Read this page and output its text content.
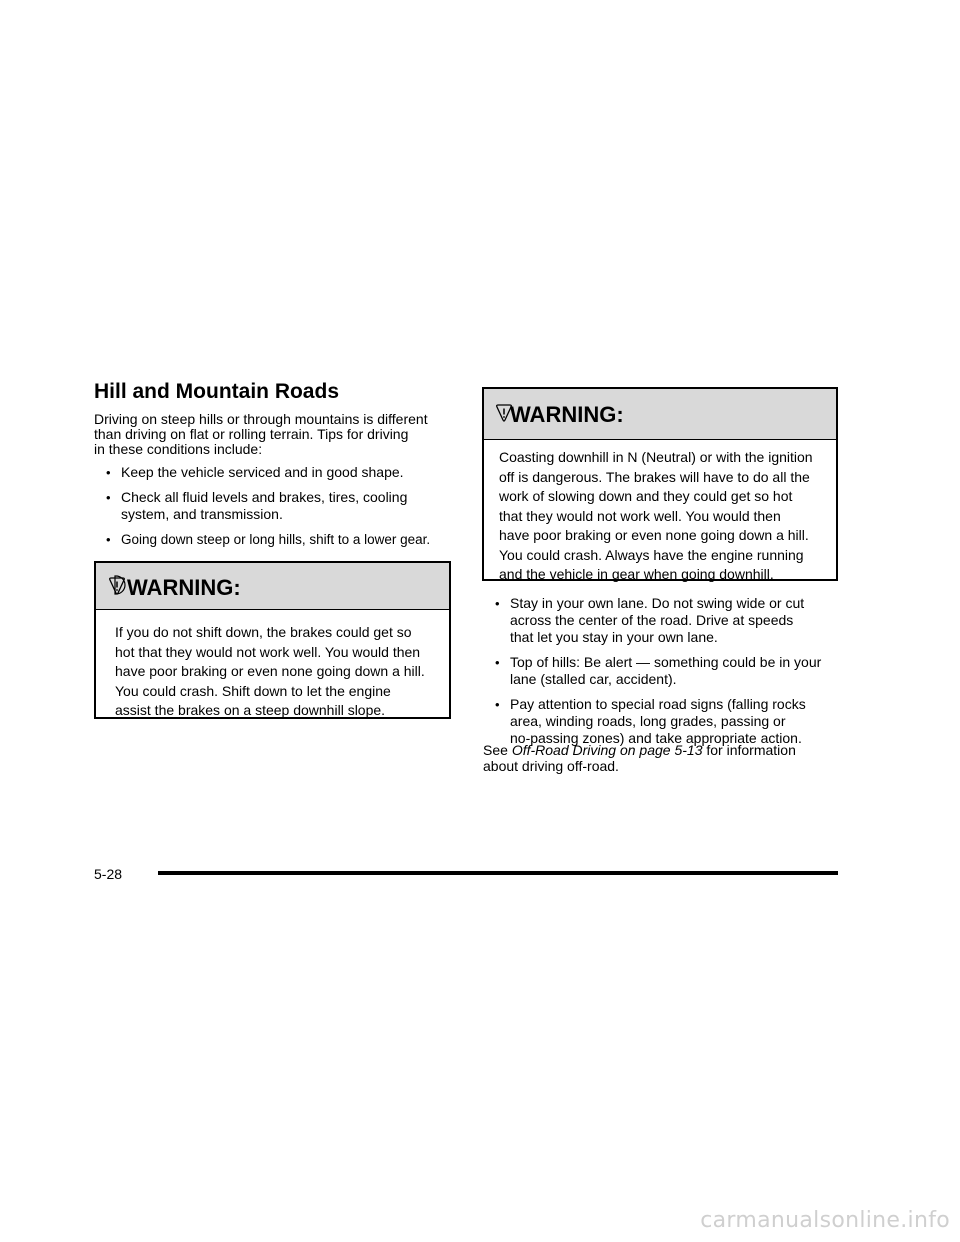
Hill and Mountain Roads

Driving on steep hills or through mountains is different
than driving on flat or rolling terrain. Tips for driving
in these conditions include:

• Keep the vehicle serviced and in good shape.
• Check all fluid levels and brakes, tires, cooling
system, and transmission.
• Going down steep or long hills, shift to a lower gear.
WARNING:
If you do not shift down, the brakes could get so
hot that they would not work well. You would then
have poor braking or even none going down a hill.
You could crash. Shift down to let the engine
assist the brakes on a steep downhill slope.
WARNING:
Coasting downhill in N (Neutral) or with the ignition
off is dangerous. The brakes will have to do all the
work of slowing down and they could get so hot
that they would not work well. You would then
have poor braking or even none going down a hill.
You could crash. Always have the engine running
and the vehicle in gear when going downhill.
• Stay in your own lane. Do not swing wide or cut
across the center of the road. Drive at speeds
that let you stay in your own lane.
• Top of hills: Be alert — something could be in your
lane (stalled car, accident).
• Pay attention to special road signs (falling rocks
area, winding roads, long grades, passing or
no-passing zones) and take appropriate action.

See Off-Road Driving on page 5-13 for information
about driving off-road.

5-28
carmanualsonline.info
